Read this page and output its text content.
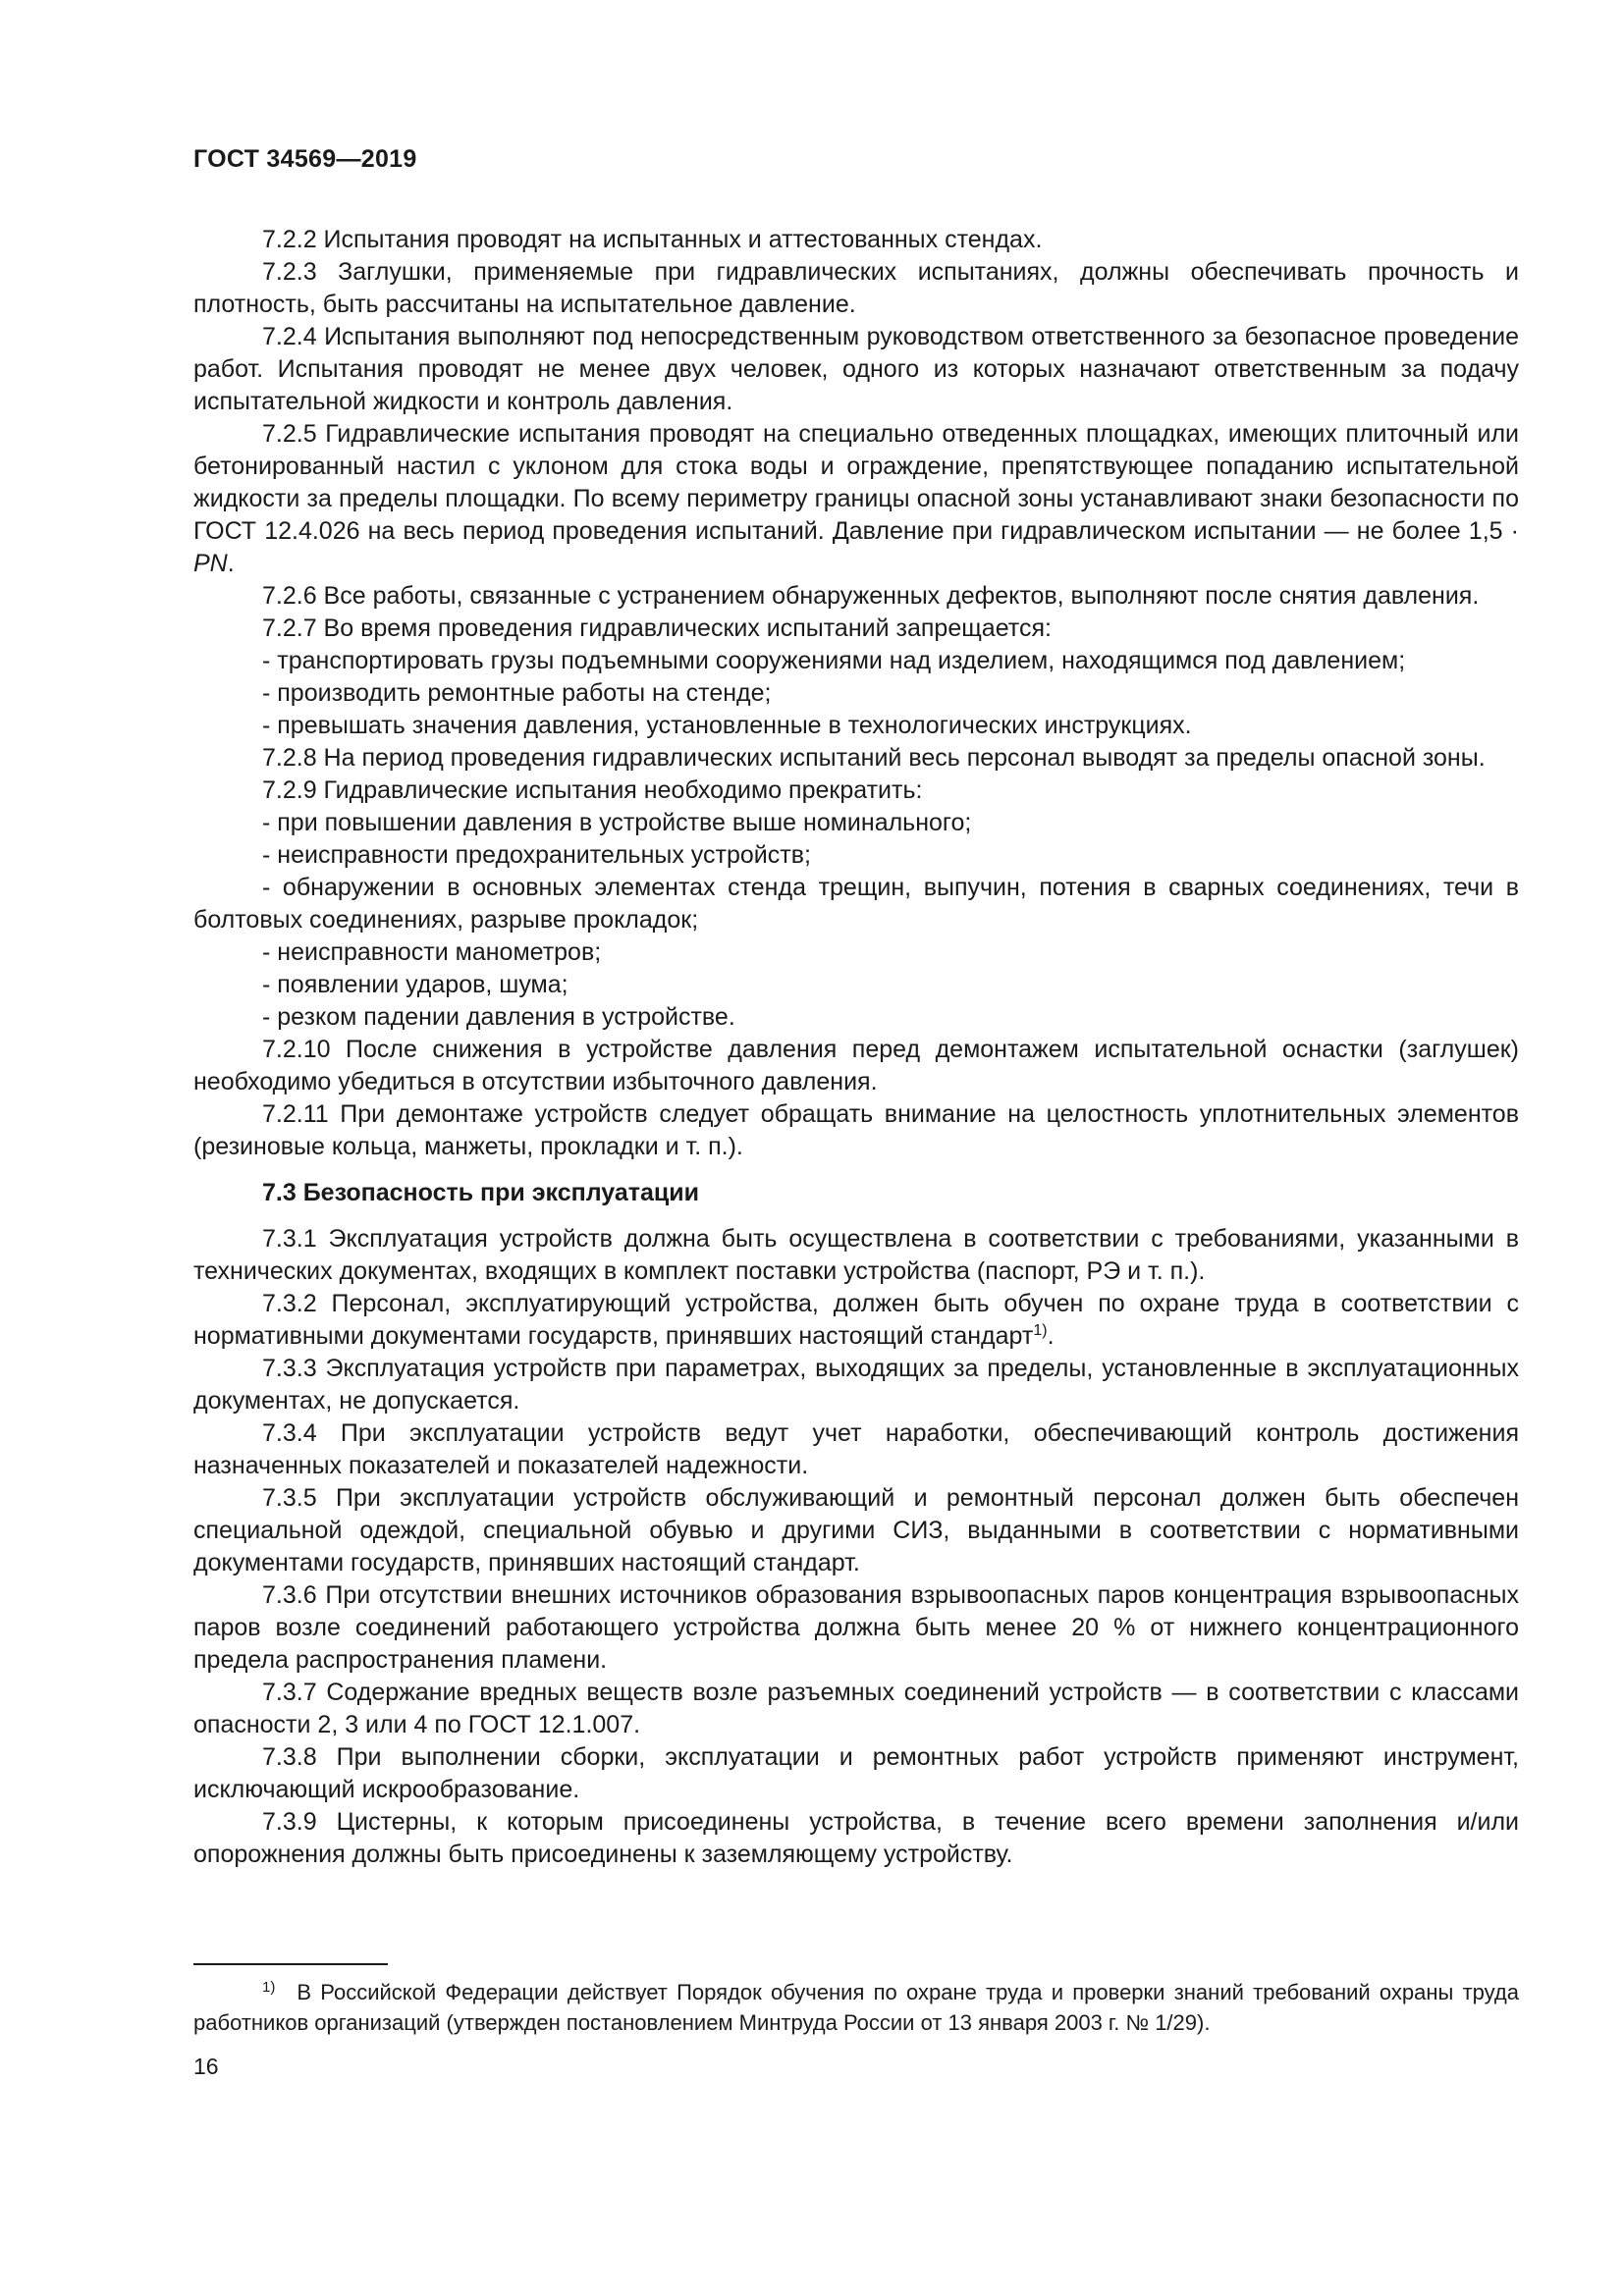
ГОСТ 34569—2019

7.2.2 Испытания проводят на испытанных и аттестованных стендах.

7.2.3 Заглушки, применяемые при гидравлических испытаниях, должны обеспечивать прочность и плотность, быть рассчитаны на испытательное давление.

7.2.4 Испытания выполняют под непосредственным руководством ответственного за безопасное проведение работ. Испытания проводят не менее двух человек, одного из которых назначают ответственным за подачу испытательной жидкости и контроль давления.

7.2.5 Гидравлические испытания проводят на специально отведенных площадках, имеющих плиточный или бетонированный настил с уклоном для стока воды и ограждение, препятствующее попаданию испытательной жидкости за пределы площадки. По всему периметру границы опасной зоны устанавливают знаки безопасности по ГОСТ 12.4.026 на весь период проведения испытаний. Давление при гидравлическом испытании — не более 1,5 · PN.

7.2.6 Все работы, связанные с устранением обнаруженных дефектов, выполняют после снятия давления.

7.2.7 Во время проведения гидравлических испытаний запрещается:

- транспортировать грузы подъемными сооружениями над изделием, находящимся под давлением;

- производить ремонтные работы на стенде;

- превышать значения давления, установленные в технологических инструкциях.

7.2.8 На период проведения гидравлических испытаний весь персонал выводят за пределы опасной зоны.

7.2.9 Гидравлические испытания необходимо прекратить:

- при повышении давления в устройстве выше номинального;

- неисправности предохранительных устройств;

- обнаружении в основных элементах стенда трещин, выпучин, потения в сварных соединениях, течи в болтовых соединениях, разрыве прокладок;

- неисправности манометров;

- появлении ударов, шума;

- резком падении давления в устройстве.

7.2.10 После снижения в устройстве давления перед демонтажем испытательной оснастки (заглушек) необходимо убедиться в отсутствии избыточного давления.

7.2.11 При демонтаже устройств следует обращать внимание на целостность уплотнительных элементов (резиновые кольца, манжеты, прокладки и т. п.).

7.3 Безопасность при эксплуатации

7.3.1 Эксплуатация устройств должна быть осуществлена в соответствии с требованиями, указанными в технических документах, входящих в комплект поставки устройства (паспорт, РЭ и т. п.).

7.3.2 Персонал, эксплуатирующий устройства, должен быть обучен по охране труда в соответствии с нормативными документами государств, принявших настоящий стандарт$^{1)}$.

7.3.3 Эксплуатация устройств при параметрах, выходящих за пределы, установленные в эксплуатационных документах, не допускается.

7.3.4 При эксплуатации устройств ведут учет наработки, обеспечивающий контроль достижения назначенных показателей и показателей надежности.

7.3.5 При эксплуатации устройств обслуживающий и ремонтный персонал должен быть обеспечен специальной одеждой, специальной обувью и другими СИЗ, выданными в соответствии с нормативными документами государств, принявших настоящий стандарт.

7.3.6 При отсутствии внешних источников образования взрывоопасных паров концентрация взрывоопасных паров возле соединений работающего устройства должна быть менее 20 % от нижнего концентрационного предела распространения пламени.

7.3.7 Содержание вредных веществ возле разъемных соединений устройств — в соответствии с классами опасности 2, 3 или 4 по ГОСТ 12.1.007.

7.3.8 При выполнении сборки, эксплуатации и ремонтных работ устройств применяют инструмент, исключающий искрообразование.

7.3.9 Цистерны, к которым присоединены устройства, в течение всего времени заполнения и/или опорожнения должны быть присоединены к заземляющему устройству.

$^{1)}$ В Российской Федерации действует Порядок обучения по охране труда и проверки знаний требований охраны труда работников организаций (утвержден постановлением Минтруда России от 13 января 2003 г. № 1/29).
16
